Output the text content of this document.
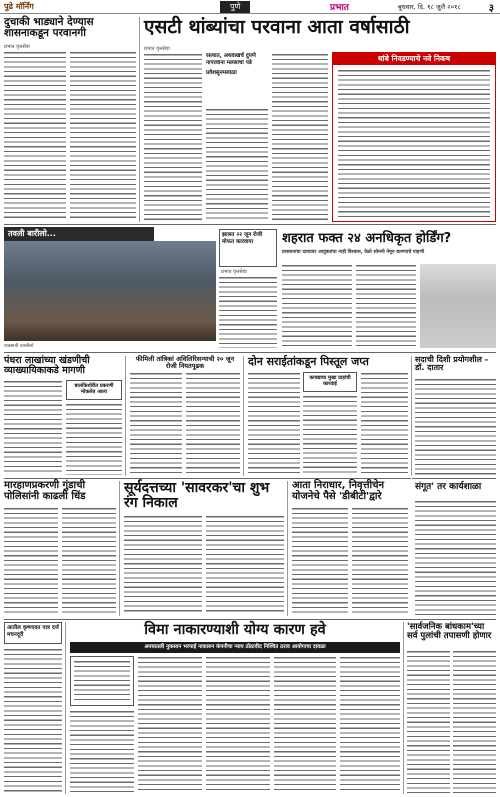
पुढे मॉर्निंग	पुणे	प्रभात	बुधवार, दि. १८ जुलै २०१८	३
दुचाकी भाड्याने देण्यास शासनाकडून परवानगी
प्रभात वृत्तसेवा
एसटी थांब्यांचा परवाना आता वर्षासाठी
प्रभात वृत्तसेवा
रस्त्यात, अथवाखर्च दुपणे नापरवाना मलसाचा पडे
प्रवेशसुनमलाळा
थांबे निवडण्याचे नवे निकष
तवली बारीलो...
पावसाची तवलीलो
झालत २२ जून रोजी मोफत कारवाया
प्रभात वृत्तसेवा
शहरात फक्त २४ अनधिकृत होर्डिंग?
प्रशासनाचा दाव्यावर आयुक्तांचा नाही विश्वास, वेळो सोमनी नेमून करण्याचे पाहणी
पंधरा लाखांच्या खंडणीची व्याख्यायिकाकडे मागणी
बालकिशोरीत प्रकरणी मोकलेत आला
फीमिली तांत्रिकां अविलिरिसन्याची २० जून रोजी नियतपूढक	दोन सराईतांकडून पिस्तूल जप्त
कायद्याचा मुखा ग्राहांची कारवाई
सदाची दिशी प्रयोगशील - डॉ. दातार
मारहाणप्रकरणी गुंडाची पोलिसांनी काढली धिंड	सूर्यदत्तच्या 'सावरकर'चा शुभ रंग निकाल
आता निराधार, निवृत्तीचेन योजनेचे पैसे 'डीबीटी'द्वारे
संगूत' तर कार्यशाळा
आतील कृष्णावत पात्र दर्ज मचनदूरी	विमा नाकारण्याशी योग्य कारण हवे
अपघातली नुकसान भरपाई नाकारुन कंपनीचा न्याय ठोठावीद निश्चित ठराव आयोगाचा दावळा
'सार्वजनिक बांधकाम'च्या सर्व पुलांची तपासणी होणार
